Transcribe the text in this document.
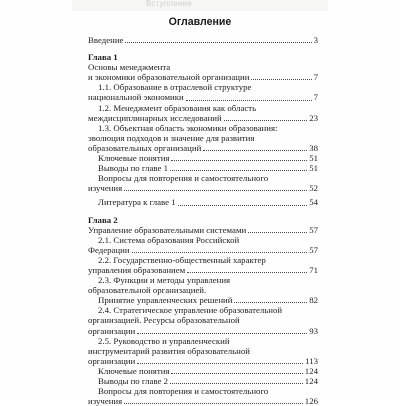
Вступление
Оглавление
Введение	3
Глава 1
Основы менеджмента
и экономики образовательной организации	7
1.1. Образование в отраслевой структуре
национальной экономики	7
1.2. Менеджмент образования как область
междисциплинарных исследований	23
1.3. Объектная область экономики образования:
эволюция подходов и значение для развития
образовательных организаций	38
Ключевые понятия	51
Выводы по главе 1	51
Вопросы для повторения и самостоятельного
изучения	52
Литература к главе 1	54
Глава 2
Управление образовательными системами	57
2.1. Система образования Российской
Федерации	57
2.2. Государственно-общественный характер
управления образованием	71
2.3. Функции и методы управления
образовательной организацией.
Принятие управленческих решений	82
2.4. Стратегическое управление образовательной
организацией. Ресурсы образовательной
организации	93
2.5. Руководство и управленческий
инструментарий развития образовательной
организации	113
Ключевые понятия	124
Выводы по главе 2	124
Вопросы для повторения и самостоятельного
изучения	126
